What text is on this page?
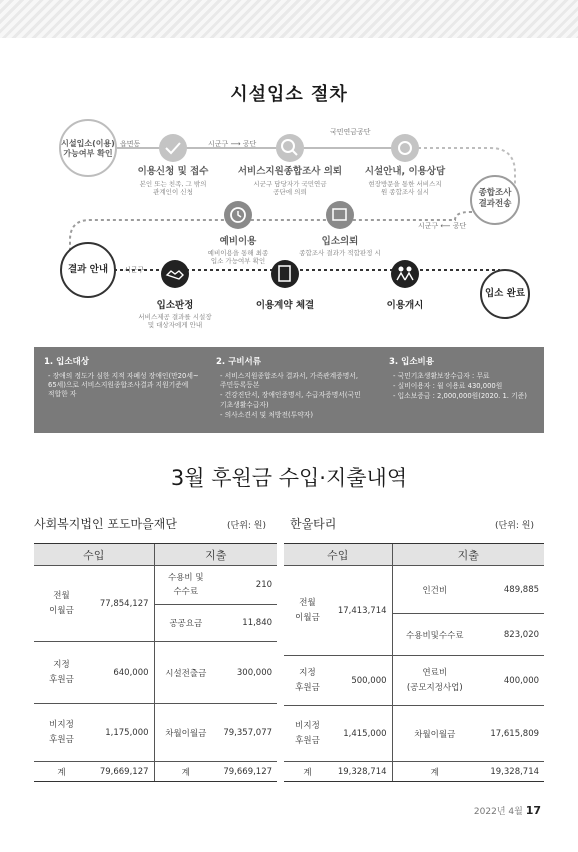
시설입소 절차
시설입소(이용)
가능여부 확인
읍면동	시군구 ⟶ 공단
국민연금공단
시군구 ⟵ 공단
시군구
이용신청 및 접수
본인 또는 친족, 그 밖의
관계인이 신청
서비스지원종합조사 의뢰
시군구 담당자가 국민연금
공단에 의뢰
시설안내, 이용상담
현장방문을 통한 서비스지
원 종합조사 실시	종합조사
결과전송
예비이용
예비이용을 통해 최종
입소 가능여부 확인
입소의뢰
종합조사 결과가 적합판정 시
결과 안내
입소판정
서비스제공 결과를 시설장
및 대상자에게 안내
이용계약 체결	이용개시
입소 완료
1. 입소대상
- 장애의 정도가 심한 지적 자폐성 장애인(만20세~
65세)으로 서비스지원종합조사결과 지원기준에
적합한 자
2. 구비서류
- 서비스지원종합조사 결과서, 가족관계증명서,
주민등록등본
- 건강진단서, 장애인증명서, 수급자증명서(국민
기초생활수급자)
- 의사소견서 및 처방전(투약자)
3. 입소비용
- 국민기초생활보장수급자 : 무료
- 실비이용자 : 월 이용료 430,000원
- 입소보증금 : 2,000,000원(2020. 1. 기준)
3월 후원금 수입·지출내역
사회복지법인 포도마을재단	(단위: 원) 한울타리	(단위: 원)
수입		지출	
전월
이월금	77,854,127	수용비 및
수수료	210
		공공요금	11,840
지정
후원금	640,000	시설전출금	300,000
비지정
후원금	1,175,000	차월이월금	79,357,077
계	79,669,127	계	79,669,127
수입		지출	
전월
이월금	17,413,714	인건비	489,885
		수용비및수수료	823,020
지정
후원금	500,000	연료비
(공모지정사업)	400,000
비지정
후원금	1,415,000	차월이월금	17,615,809
계	19,328,714	계	19,328,714
2022년 4월 17
